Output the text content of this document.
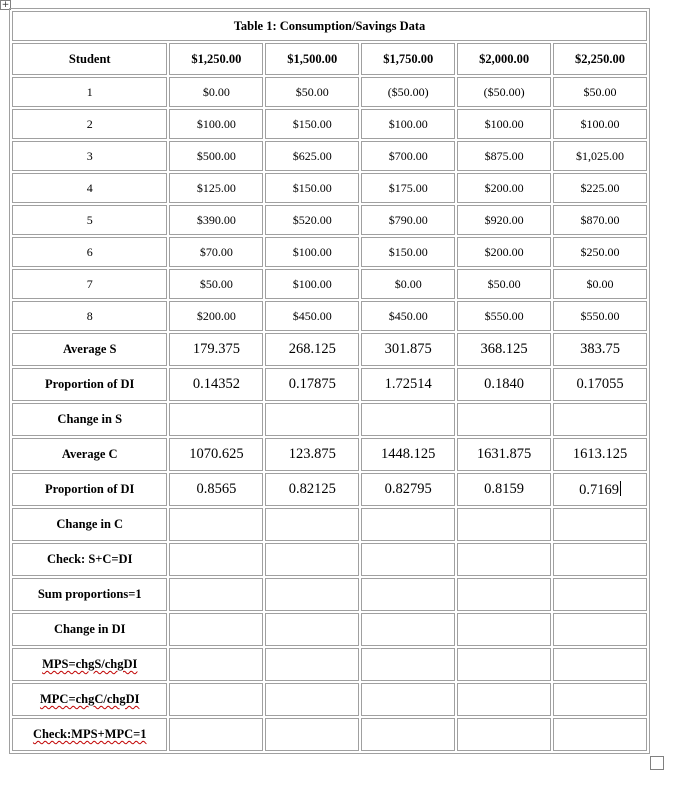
+
Table 1: Consumption/Savings Data					
Student	$1,250.00	$1,500.00	$1,750.00	$2,000.00	$2,250.00
1	$0.00	$50.00	($50.00)	($50.00)	$50.00
2	$100.00	$150.00	$100.00	$100.00	$100.00
3	$500.00	$625.00	$700.00	$875.00	$1,025.00
4	$125.00	$150.00	$175.00	$200.00	$225.00
5	$390.00	$520.00	$790.00	$920.00	$870.00
6	$70.00	$100.00	$150.00	$200.00	$250.00
7	$50.00	$100.00	$0.00	$50.00	$0.00
8	$200.00	$450.00	$450.00	$550.00	$550.00
Average S	179.375	268.125	301.875	368.125	383.75
Proportion of DI	0.14352	0.17875	1.72514	0.1840	0.17055
Change in S					
Average C	1070.625	123.875	1448.125	1631.875	1613.125
Proportion of DI	0.8565	0.82125	0.82795	0.8159	0.7169
Change in C					
Check: S+C=DI					
Sum proportions=1					
Change in DI					
MPS=chgS/chgDI					
MPC=chgC/chgDI					
Check:MPS+MPC=1					
